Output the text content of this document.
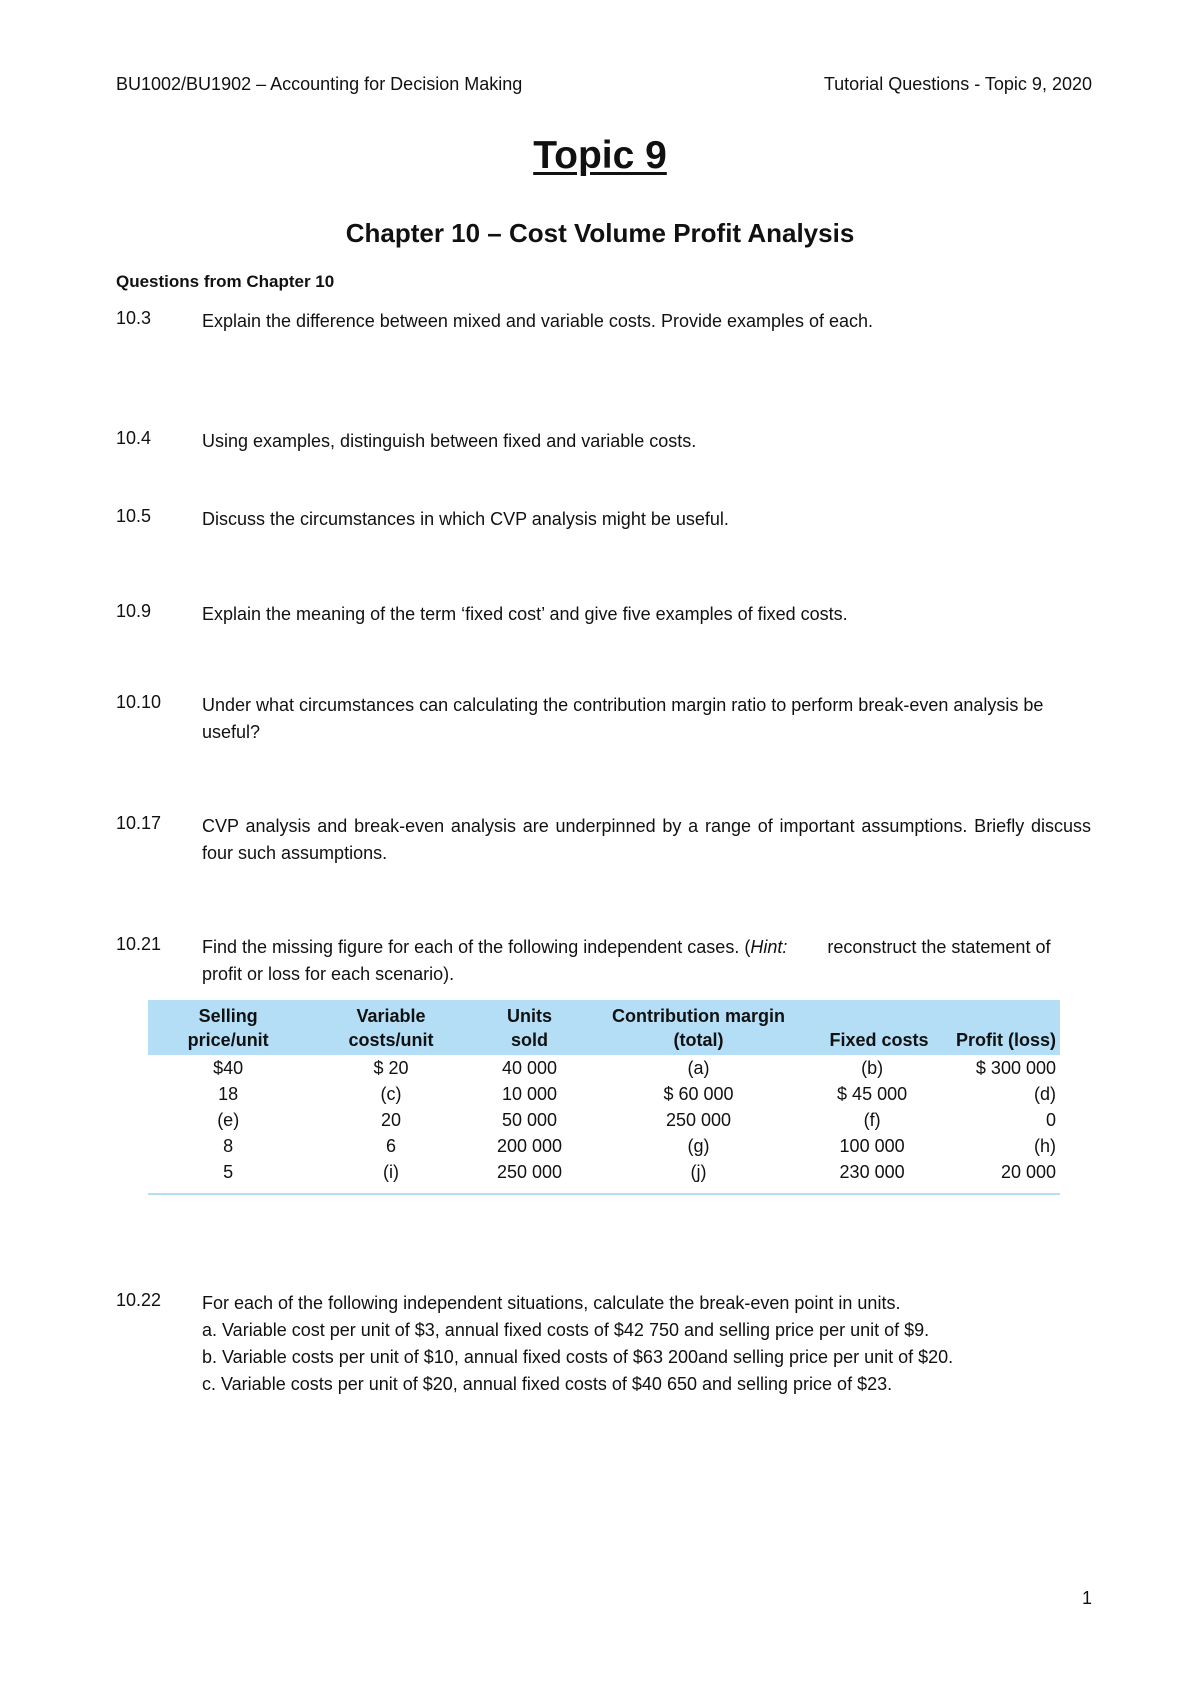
BU1002/BU1902 – Accounting for Decision Making	Tutorial Questions - Topic 9, 2020
Topic 9
Chapter 10 – Cost Volume Profit Analysis
Questions from Chapter 10
10.3	Explain the difference between mixed and variable costs. Provide examples of each.
10.4	Using examples, distinguish between fixed and variable costs.
10.5	Discuss the circumstances in which CVP analysis might be useful.
10.9	Explain the meaning of the term ‘fixed cost’ and give five examples of fixed costs.
10.10	Under what circumstances can calculating the contribution margin ratio to perform break-even analysis be useful?
10.17	CVP analysis and break-even analysis are underpinned by a range of important assumptions. Briefly discuss four such assumptions.
10.21	Find the missing figure for each of the following independent cases. (Hint: reconstruct the statement of profit or loss for each scenario).
Selling
price/unit	Variable
costs/unit	Units
sold	Contribution margin
(total)	Fixed costs	Profit (loss)
$40	$ 20	40 000	(a)	(b)	$ 300 000
18	(c)	10 000	$ 60 000	$ 45 000	(d)
(e)	20	50 000	250 000	(f)	0
8	6	200 000	(g)	100 000	(h)
5	(i)	250 000	(j)	230 000	20 000
10.22	For each of the following independent situations, calculate the break-even point in units.
a. Variable cost per unit of $3, annual fixed costs of $42 750 and selling price per unit of $9.
b. Variable costs per unit of $10, annual fixed costs of $63 200and selling price per unit of $20.
c. Variable costs per unit of $20, annual fixed costs of $40 650 and selling price of $23.
1
